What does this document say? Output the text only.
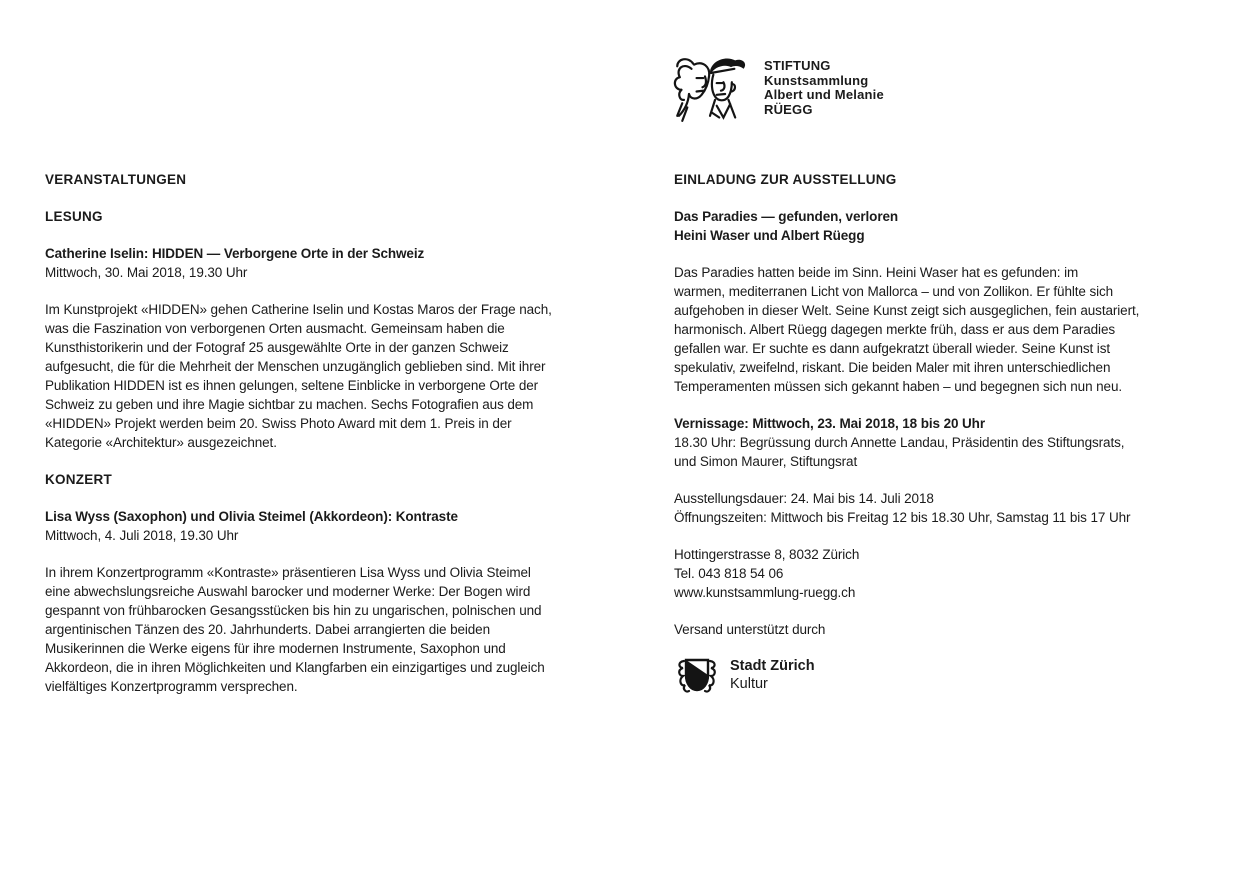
STIFTUNG
Kunstsammlung
Albert und Melanie
RÜEGG
VERANSTALTUNGEN
LESUNG
Catherine Iselin: HIDDEN — Verborgene Orte in der Schweiz
Mittwoch, 30. Mai 2018, 19.30 Uhr
Im Kunstprojekt «HIDDEN» gehen Catherine Iselin und Kostas Maros der Frage nach,
was die Faszination von verborgenen Orten ausmacht. Gemeinsam haben die
Kunsthistorikerin und der Fotograf 25 ausgewählte Orte in der ganzen Schweiz
aufgesucht, die für die Mehrheit der Menschen unzugänglich geblieben sind. Mit ihrer
Publikation HIDDEN ist es ihnen gelungen, seltene Einblicke in verborgene Orte der
Schweiz zu geben und ihre Magie sichtbar zu machen. Sechs Fotografien aus dem
«HIDDEN» Projekt werden beim 20. Swiss Photo Award mit dem 1. Preis in der
Kategorie «Architektur» ausgezeichnet.
KONZERT
Lisa Wyss (Saxophon) und Olivia Steimel (Akkordeon): Kontraste
Mittwoch, 4. Juli 2018, 19.30 Uhr
In ihrem Konzertprogramm «Kontraste» präsentieren Lisa Wyss und Olivia Steimel
eine abwechslungsreiche Auswahl barocker und moderner Werke: Der Bogen wird
gespannt von frühbarocken Gesangsstücken bis hin zu ungarischen, polnischen und
argentinischen Tänzen des 20. Jahrhunderts. Dabei arrangierten die beiden
Musikerinnen die Werke eigens für ihre modernen Instrumente, Saxophon und
Akkordeon, die in ihren Möglichkeiten und Klangfarben ein einzigartiges und zugleich
vielfältiges Konzertprogramm versprechen.
EINLADUNG ZUR AUSSTELLUNG
Das Paradies — gefunden, verloren
Heini Waser und Albert Rüegg
Das Paradies hatten beide im Sinn. Heini Waser hat es gefunden: im
warmen, mediterranen Licht von Mallorca – und von Zollikon. Er fühlte sich
aufgehoben in dieser Welt. Seine Kunst zeigt sich ausgeglichen, fein austariert,
harmonisch. Albert Rüegg dagegen merkte früh, dass er aus dem Paradies
gefallen war. Er suchte es dann aufgekratzt überall wieder. Seine Kunst ist
spekulativ, zweifelnd, riskant. Die beiden Maler mit ihren unterschiedlichen
Temperamenten müssen sich gekannt haben – und begegnen sich nun neu.
Vernissage: Mittwoch, 23. Mai 2018, 18 bis 20 Uhr
18.30 Uhr: Begrüssung durch Annette Landau, Präsidentin des Stiftungsrats,
und Simon Maurer, Stiftungsrat
Ausstellungsdauer: 24. Mai bis 14. Juli 2018
Öffnungszeiten: Mittwoch bis Freitag 12 bis 18.30 Uhr, Samstag 11 bis 17 Uhr
Hottingerstrasse 8, 8032 Zürich
Tel. 043 818 54 06
www.kunstsammlung-ruegg.ch
Versand unterstützt durch
Stadt Zürich
Kultur
